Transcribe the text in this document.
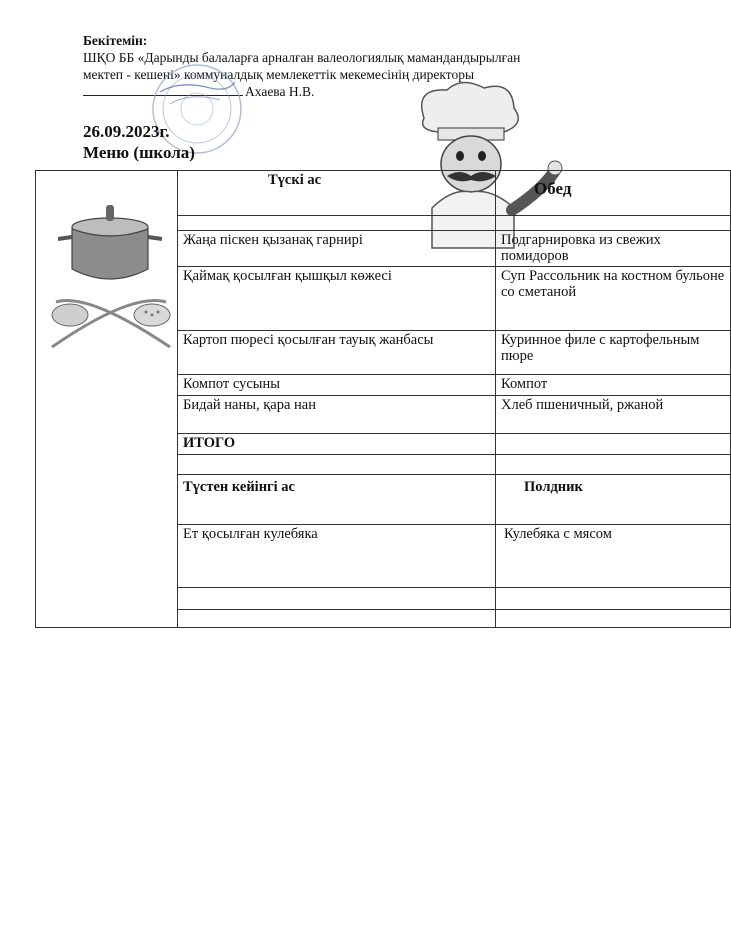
Бекітемін:
ШҚО ББ «Дарынды балаларға арналған валеологиялық мамандандырылған
мектеп - кешені» коммуналдық мемлекеттік мекемесінің директоры
Ахаева Н.В.
26.09.2023г.
Меню (школа)
	Түскі ас	Обед

	Жаңа піскен қызанақ гарнирі	Подгарнировка из свежих помидоров
	Қаймақ қосылған қышқыл көжесі	Суп Рассольник на костном бульоне со сметаной
	Картоп пюресі қосылған тауық жанбасы	Куринное филе с картофельным пюре
	Компот сусыны	Компот
	Бидай наны, қара нан	Хлеб пшеничный, ржаной
	ИТОГО	

	Түстен кейінгі ас	Полдник
	Ет қосылған кулебяка	Кулебяка с мясом
